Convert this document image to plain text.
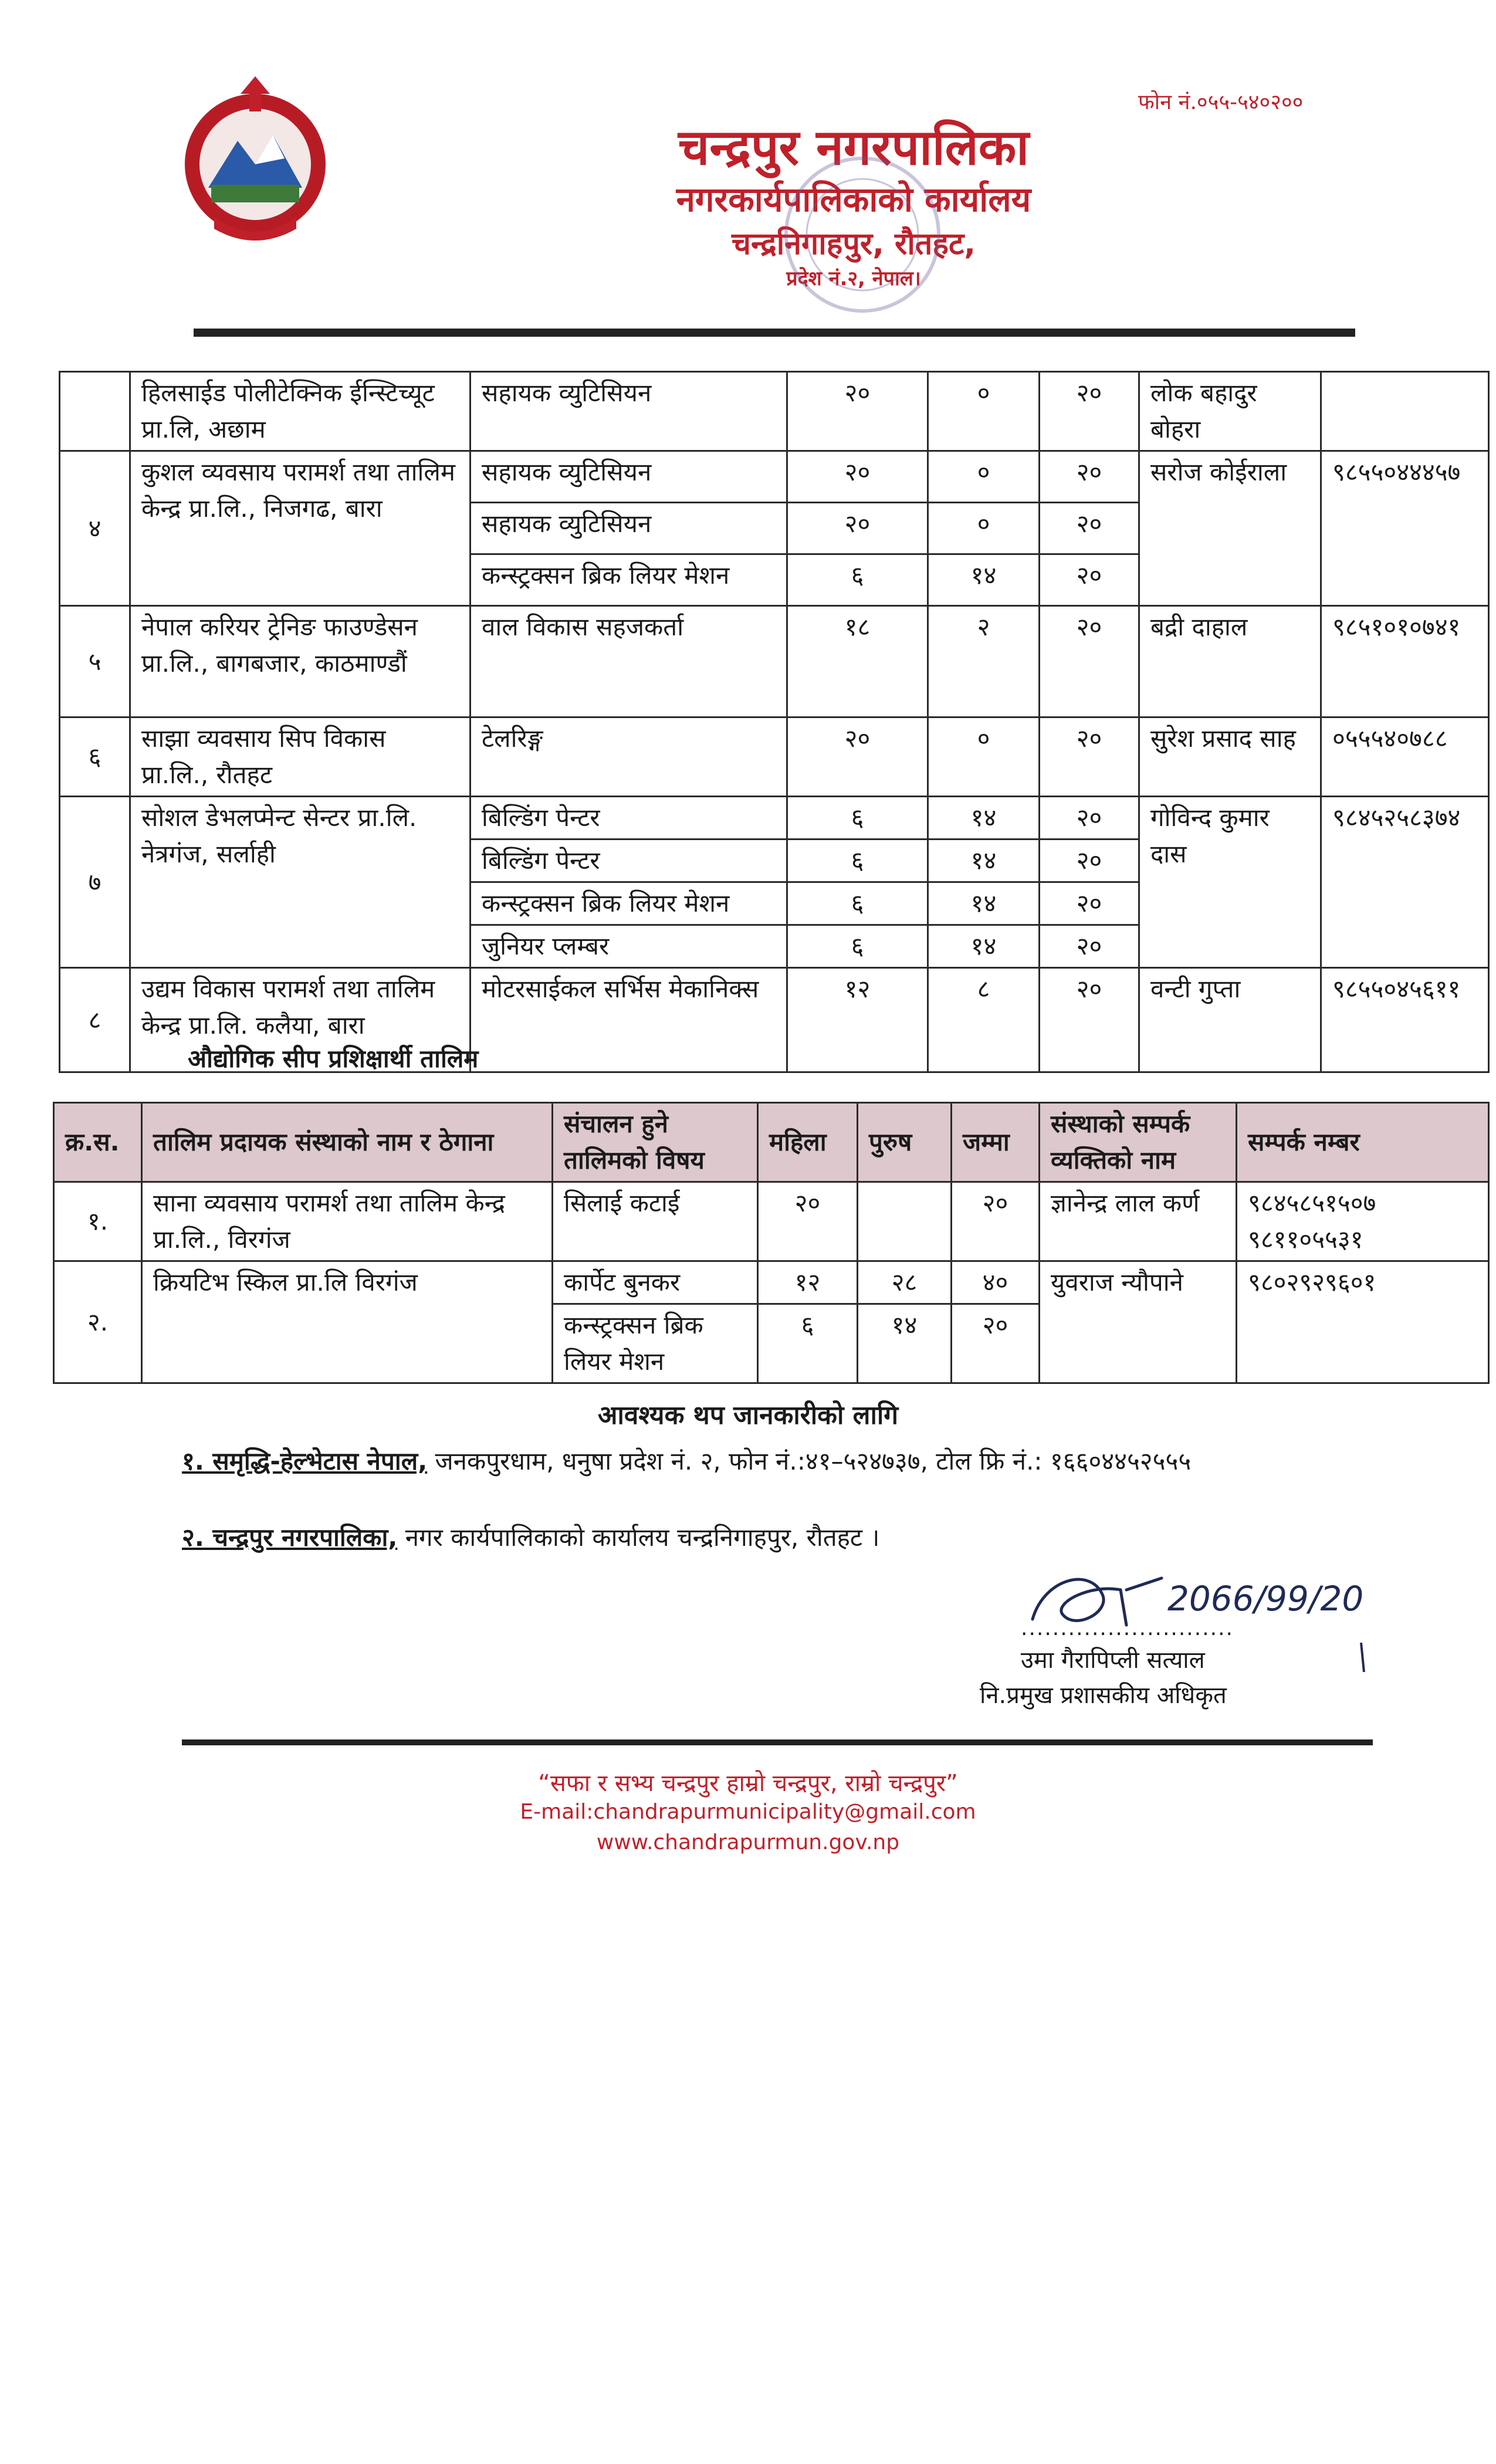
फोन नं.०५५-५४०२००
चन्द्रपुर नगरपालिका
नगरकार्यपालिकाको कार्यालय
चन्द्रनिगाहपुर, रौतहट,
प्रदेश नं.२, नेपाल।
	हिलसाईड पोलीटेक्निक ईन्स्टिच्यूट प्रा.लि, अछाम	सहायक व्युटिसियन	२०	०	२०	लोक बहादुर बोहरा	
४	कुशल व्यवसाय परामर्श तथा तालिम केन्द्र प्रा.लि., निजगढ, बारा	सहायक व्युटिसियन	२०	०	२०	सरोज कोईराला	९८५५०४४४५७
		सहायक व्युटिसियन	२०	०	२०		
		कन्स्ट्रक्सन ब्रिक लियर मेशन	६	१४	२०		
५	नेपाल करियर ट्रेनिङ फाउण्डेसन प्रा.लि., बागबजार, काठमाण्डौं	वाल विकास सहजकर्ता	१८	२	२०	बद्री दाहाल	९८५१०१०७४१
६	साझा व्यवसाय सिप विकास प्रा.लि., रौतहट	टेलरिङ्ग	२०	०	२०	सुरेश प्रसाद साह	०५५५४०७८८
७	सोशल डेभलप्मेन्ट सेन्टर प्रा.लि. नेत्रगंज, सर्लाही	बिल्डिंग पेन्टर	६	१४	२०	गोविन्द कुमार दास	९८४५२५८३७४
		बिल्डिंग पेन्टर	६	१४	२०		
		कन्स्ट्रक्सन ब्रिक लियर मेशन	६	१४	२०		
		जुनियर प्लम्बर	६	१४	२०		
८	उद्यम विकास परामर्श तथा तालिम केन्द्र प्रा.लि. कलैया, बारा	मोटरसाईकल सर्भिस मेकानिक्स	१२	८	२०	वन्टी गुप्ता	९८५५०४५६११
औद्योगिक सीप प्रशिक्षार्थी तालिम
क्र.स.	तालिम प्रदायक संस्थाको नाम र ठेगाना	संचालन हुने तालिमको विषय	महिला	पुरुष	जम्मा	संस्थाको सम्पर्क व्यक्तिको नाम	सम्पर्क नम्बर
१.	साना व्यवसाय परामर्श तथा तालिम केन्द्र प्रा.लि., विरगंज	सिलाई कटाई	२०		२०	ज्ञानेन्द्र लाल कर्ण	९८४५८५१५०७ ९८११०५५३१
२.	क्रियटिभ स्किल प्रा.लि विरगंज	कार्पेट बुनकर	१२	२८	४०	युवराज न्यौपाने	९८०२९२९६०१
		कन्स्ट्रक्सन ब्रिक लियर मेशन	६	१४	२०		
आवश्यक थप जानकारीको लागि
१. समृद्धि-हेल्भेटास नेपाल, जनकपुरधाम, धनुषा प्रदेश नं. २, फोन नं.:४१–५२४७३७, टोल फ्रि नं.: १६६०४४५२५५५
२. चन्द्रपुर नगरपालिका, नगर कार्यपालिकाको कार्यालय चन्द्रनिगाहपुर, रौतहट ।
2066/99/20
...........................
उमा गैरापिप्ली सत्याल
नि.प्रमुख प्रशासकीय अधिकृत
“सफा र सभ्य चन्द्रपुर हाम्रो चन्द्रपुर, राम्रो चन्द्रपुर”
E-mail:chandrapurmunicipality@gmail.com
www.chandrapurmun.gov.np
